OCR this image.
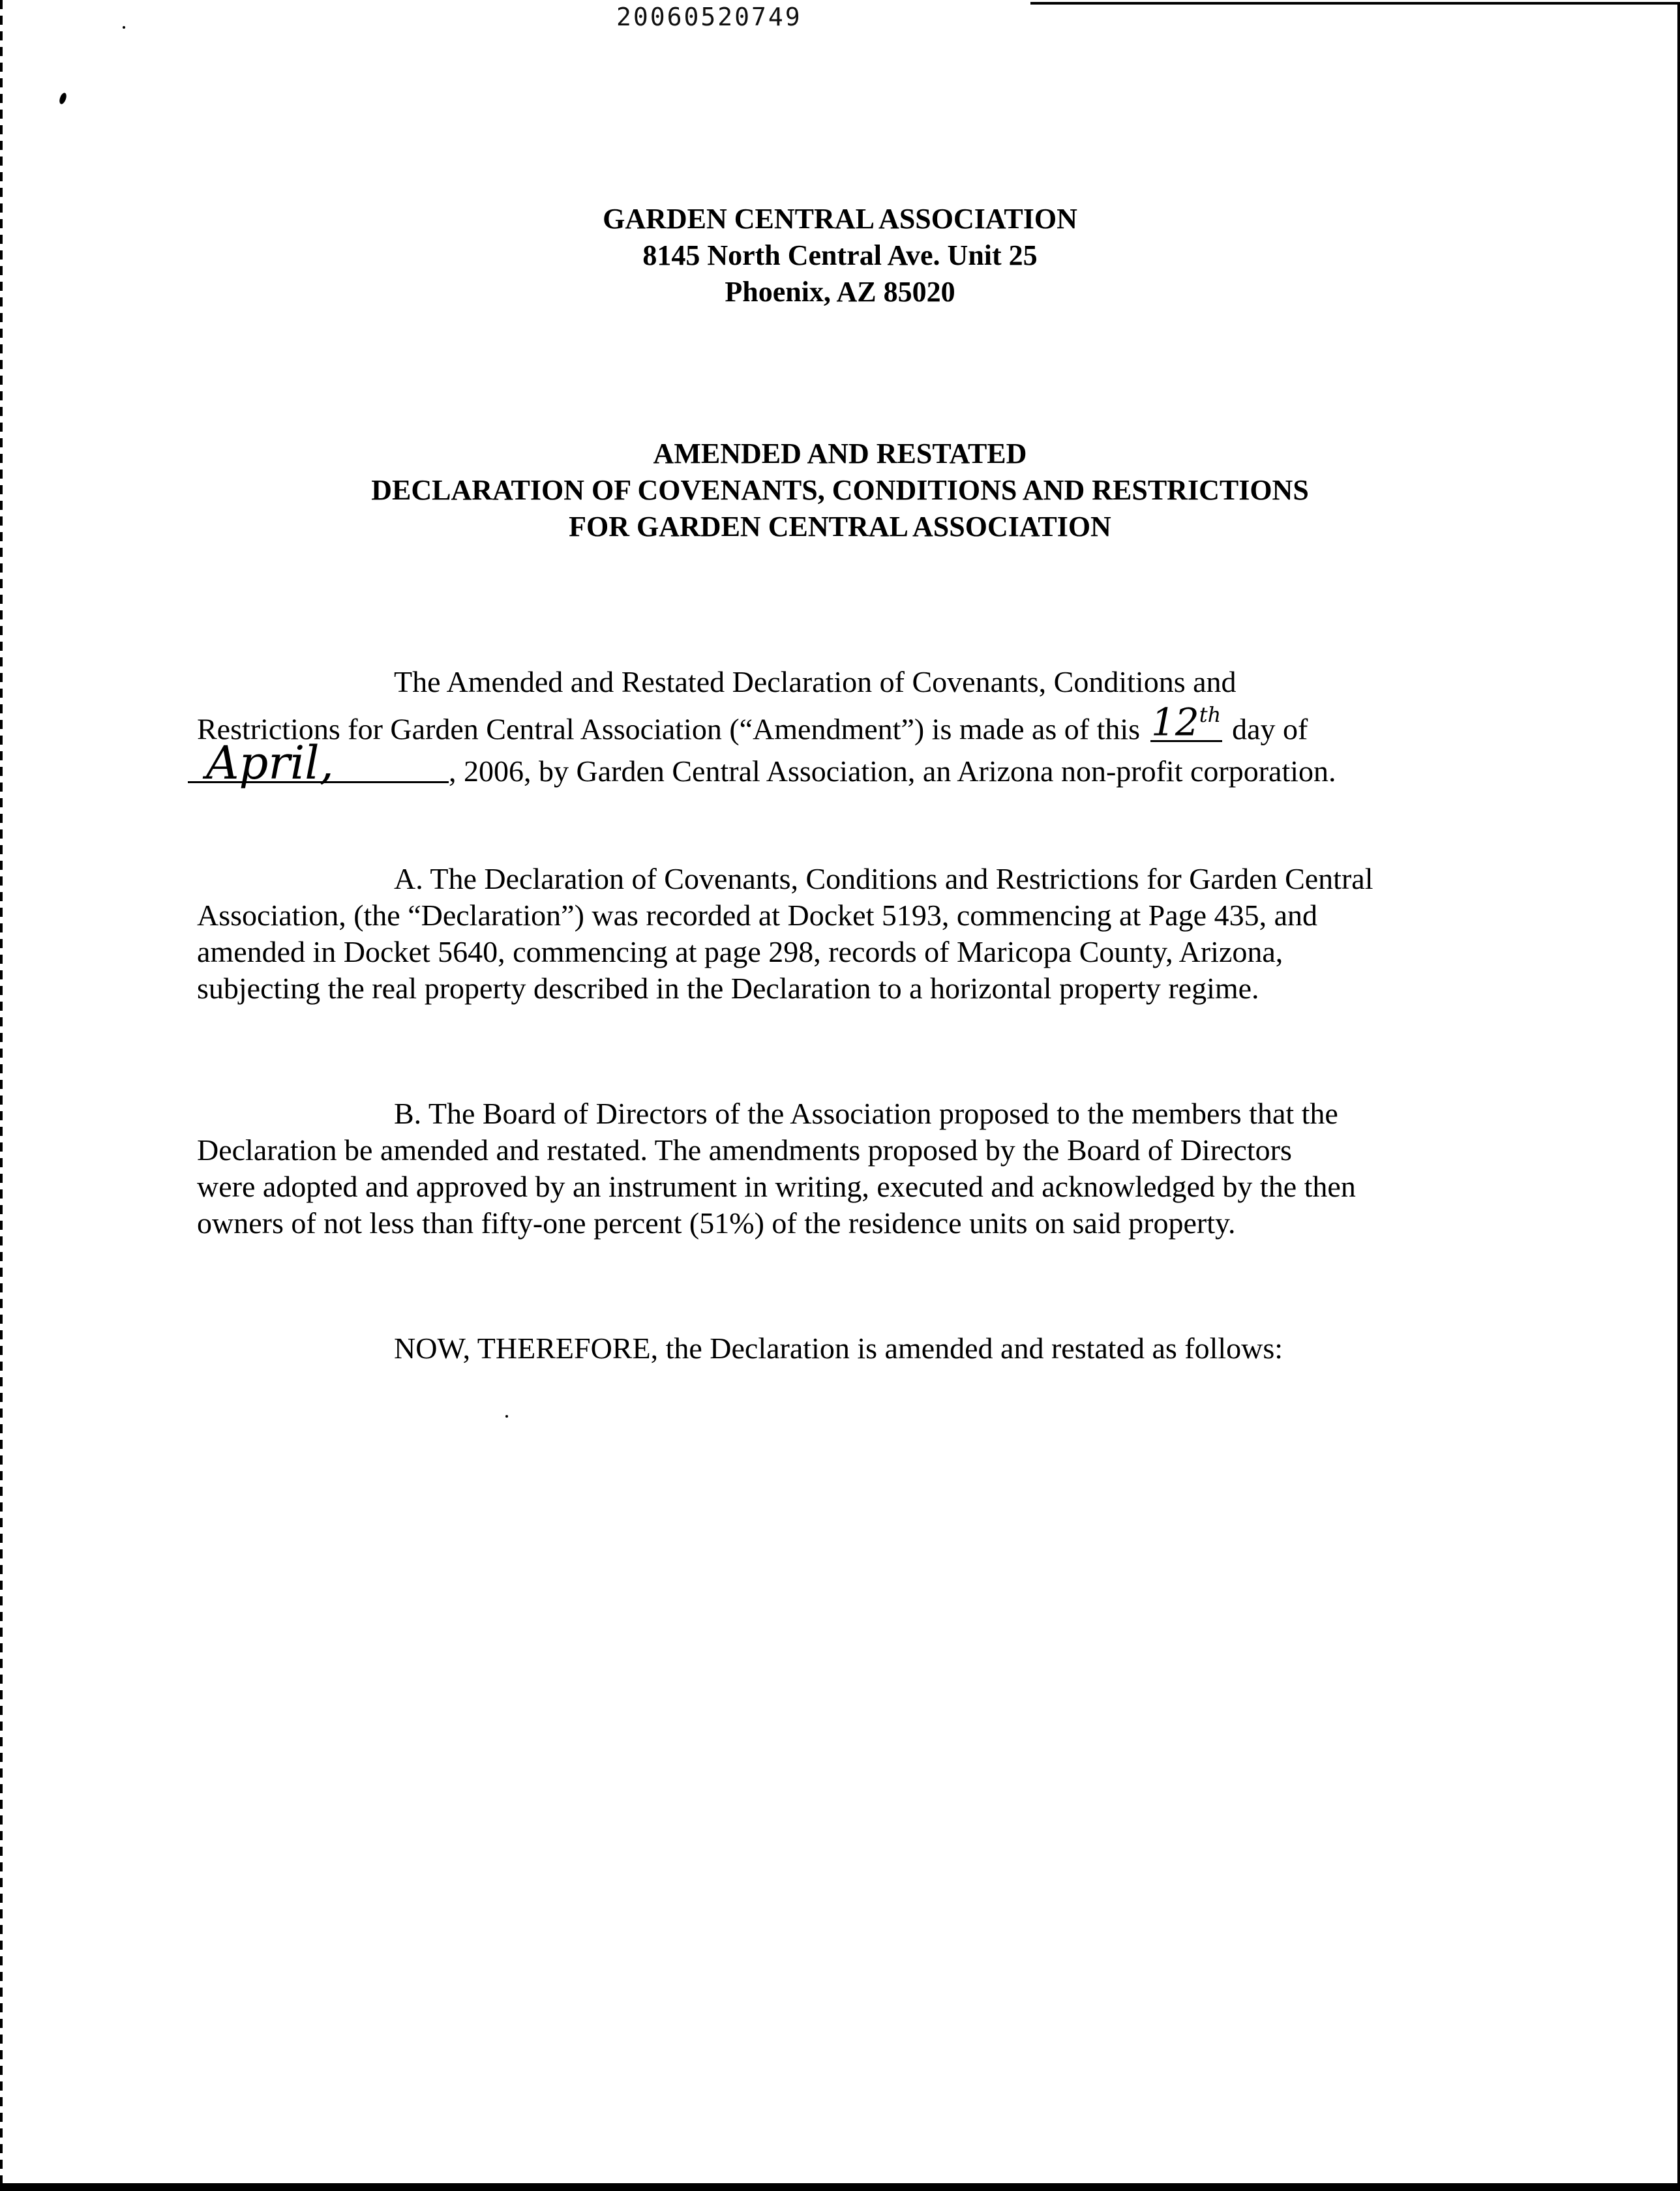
20060520749
GARDEN CENTRAL ASSOCIATION
8145 North Central Ave. Unit 25
Phoenix, AZ 85020
AMENDED AND RESTATED
DECLARATION OF COVENANTS, CONDITIONS AND RESTRICTIONS
FOR GARDEN CENTRAL ASSOCIATION
The Amended and Restated Declaration of Covenants, Conditions and
Restrictions for Garden Central Association (“Amendment”) is made as of this 12th day of
April,	, 2006, by Garden Central Association, an Arizona non-profit corporation.
A. The Declaration of Covenants, Conditions and Restrictions for Garden Central
Association, (the “Declaration”) was recorded at Docket 5193, commencing at Page 435, and
amended in Docket 5640, commencing at page 298, records of Maricopa County, Arizona,
subjecting the real property described in the Declaration to a horizontal property regime.
B. The Board of Directors of the Association proposed to the members that the
Declaration be amended and restated. The amendments proposed by the Board of Directors
were adopted and approved by an instrument in writing, executed and acknowledged by the then
owners of not less than fifty-one percent (51%) of the residence units on said property.
NOW, THEREFORE, the Declaration is amended and restated as follows:
